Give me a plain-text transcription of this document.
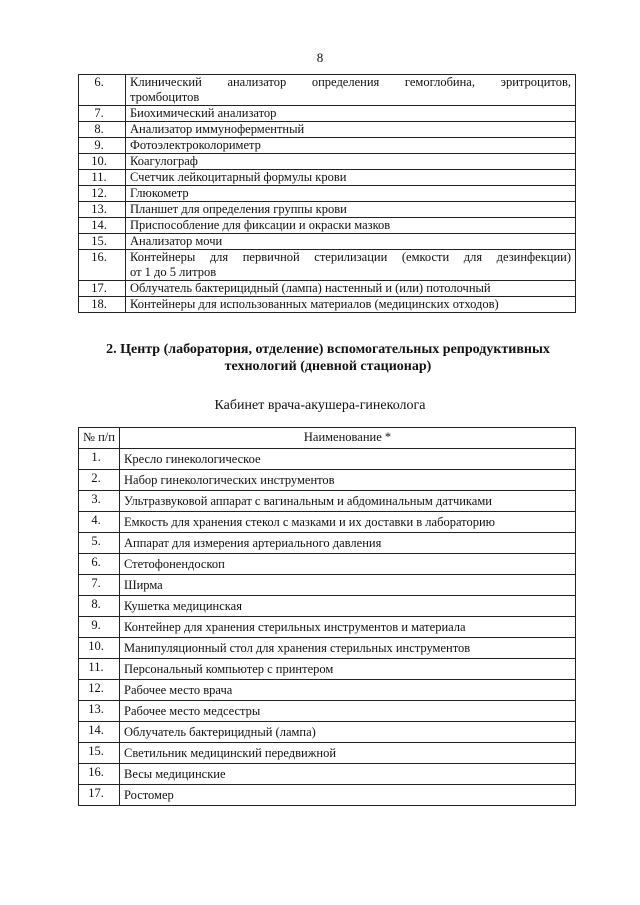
8
6.	Клинический анализатор определения гемоглобина, эритроцитов,
тромбоцитов

7.	Биохимический анализатор
8.	Анализатор иммуноферментный
9.	Фотоэлектроколориметр
10.	Коагулограф
11.	Счетчик лейкоцитарный формулы крови
12.	Глюкометр
13.	Планшет для определения группы крови
14.	Приспособление для фиксации и окраски мазков
15.	Анализатор мочи
16.	Контейнеры для первичной стерилизации (емкости для дезинфекции)
от 1 до 5 литров

17.	Облучатель бактерицидный (лампа) настенный и (или) потолочный
18.	Контейнеры для использованных материалов (медицинских отходов)
2. Центр (лаборатория, отделение) вспомогательных репродуктивных
технологий (дневной стационар)
Кабинет врача-акушера-гинеколога
№ п/п	Наименование *
1.	Кресло гинекологическое
2.	Набор гинекологических инструментов
3.	Ультразвуковой аппарат с вагинальным и абдоминальным датчиками
4.	Емкость для хранения стекол с мазками и их доставки в лабораторию
5.	Аппарат для измерения артериального давления
6.	Стетофонендоскоп
7.	Ширма
8.	Кушетка медицинская
9.	Контейнер для хранения стерильных инструментов и материала
10.	Манипуляционный стол для хранения стерильных инструментов
11.	Персональный компьютер с принтером
12.	Рабочее место врача
13.	Рабочее место медсестры
14.	Облучатель бактерицидный (лампа)
15.	Светильник медицинский передвижной
16.	Весы медицинские
17.	Ростомер
